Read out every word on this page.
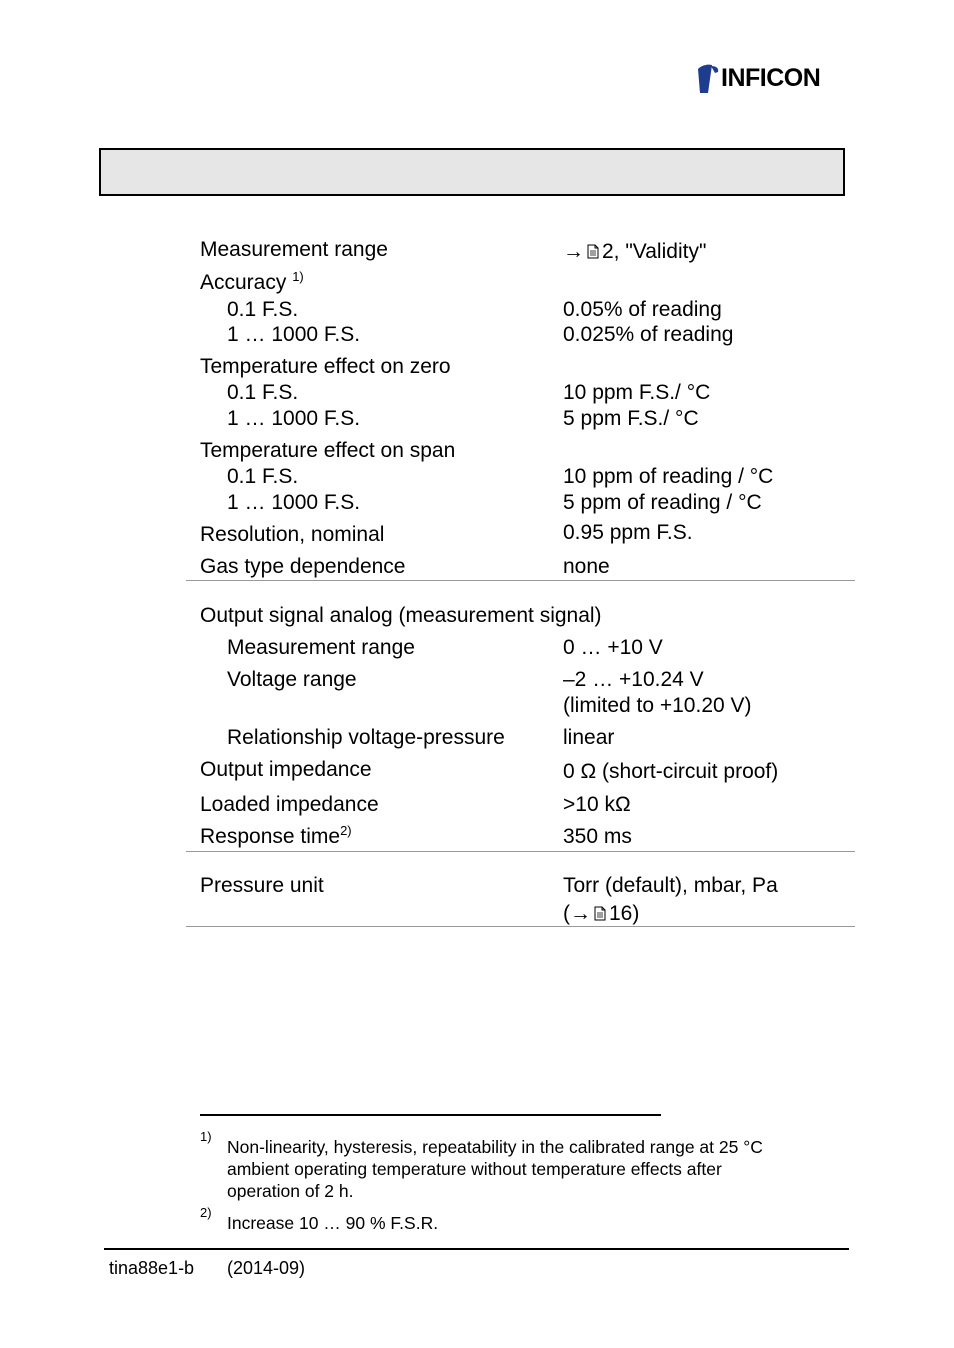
INFICON
Measurement range	→ 2, "Validity"
Accuracy $^{1)}$
0.1 F.S.	0.05% of reading
1 … 1000 F.S.	0.025% of reading
Temperature effect on zero
0.1 F.S.	10 ppm F.S./ °C
1 … 1000 F.S.	5 ppm F.S./ °C
Temperature effect on span
0.1 F.S.	10 ppm of reading / °C
1 … 1000 F.S.	5 ppm of reading / °C
Resolution, nominal	0.95 ppm F.S.
Gas type dependence	none
Output signal analog (measurement signal)
Measurement range	0 … +10 V
Voltage range	–2 … +10.24 V
(limited to +10.20 V)
Relationship voltage-pressure	linear
Output impedance	0 Ω (short-circuit proof)
Loaded impedance	>10 kΩ
Response time$^{2)}$	350 ms
Pressure unit	Torr (default), mbar, Pa
(→ 16)
1)
Non-linearity, hysteresis, repeatability in the calibrated range at 25 °C
ambient operating temperature without temperature effects after
operation of 2 h.
2)
Increase 10 … 90 % F.S.R.
tina88e1-b (2014-09)
